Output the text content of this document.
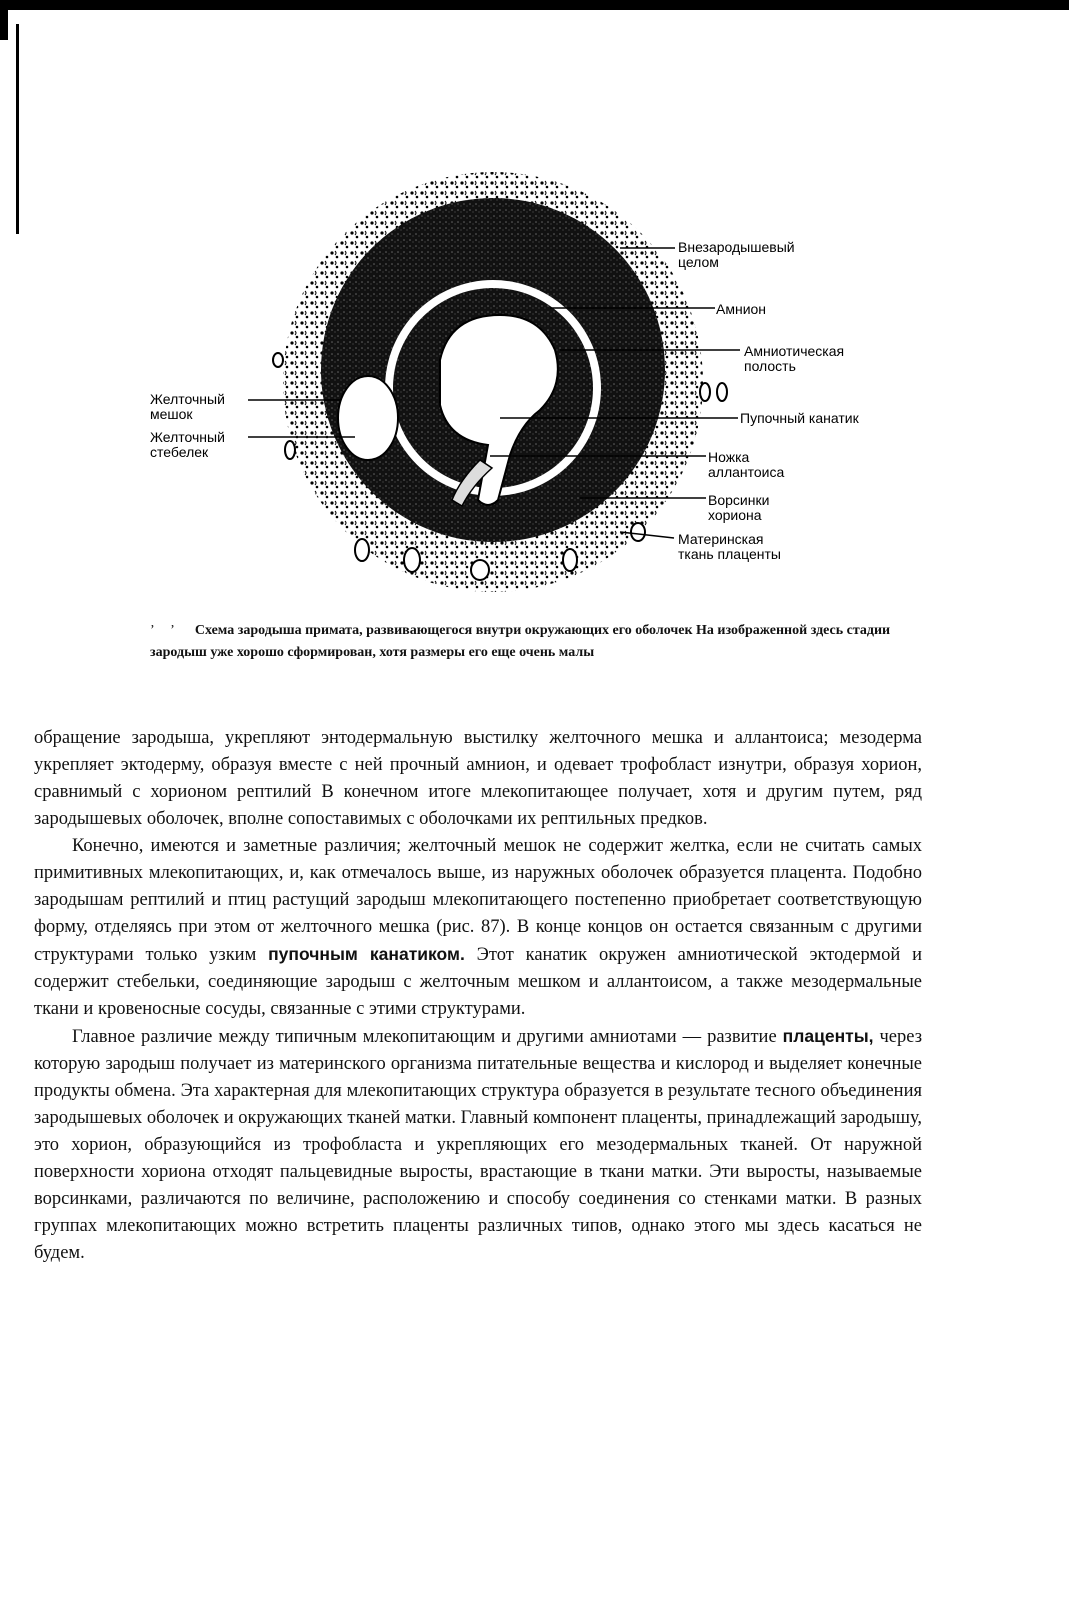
Внезародышевый
целом
Амнион
Амниотическая
полость
Пупочный канатик
Ножка
аллантоиса
Ворсинки
хориона
Материнская
ткань плаценты
Желточный
мешок
Желточный
стебелек
ʼ ʼ Схема зародыша примата, развивающегося внутри окружающих его оболочек На изображенной здесь стадии зародыш уже хорошо сформирован, хотя размеры его еще очень малы

обращение зародыша, укрепляют энтодермальную выстилку желточного мешка и аллантоиса; мезодерма укрепляет эктодерму, образуя вместе с ней прочный амнион, и одевает трофобласт изнутри, образуя хорион, сравнимый с хорионом рептилий В конечном итоге млекопитающее получает, хотя и другим путем, ряд зародышевых оболочек, вполне сопоставимых с оболочками их рептильных предков.

Конечно, имеются и заметные различия; желточный мешок не содержит желтка, если не считать самых примитивных млекопитающих, и, как отмечалось выше, из наружных оболочек образуется плацента. Подобно зародышам рептилий и птиц растущий зародыш млекопитающего постепенно приобретает соответствующую форму, отделяясь при этом от желточного мешка (рис. 87). В конце концов он остается связанным с другими структурами только узким пупочным канатиком. Этот канатик окружен амниотической эктодермой и содержит стебельки, соединяющие зародыш с желточным мешком и аллантоисом, а также мезодермальные ткани и кровеносные сосуды, связанные с этими структурами.

Главное различие между типичным млекопитающим и другими амниотами — развитие плаценты, через которую зародыш получает из материнского организма питательные вещества и кислород и выделяет конечные продукты обмена. Эта характерная для млекопитающих структура образуется в результате тесного объединения зародышевых оболочек и окружающих тканей матки. Главный компонент плаценты, принадлежащий зародышу, это хорион, образующийся из трофобласта и укрепляющих его мезодермальных тканей. От наружной поверхности хориона отходят пальцевидные выросты, врастающие в ткани матки. Эти выросты, называемые ворсинками, различаются по величине, расположению и способу соединения со стенками матки. В разных группах млекопитающих можно встретить плаценты различных типов, однако этого мы здесь касаться не будем.
